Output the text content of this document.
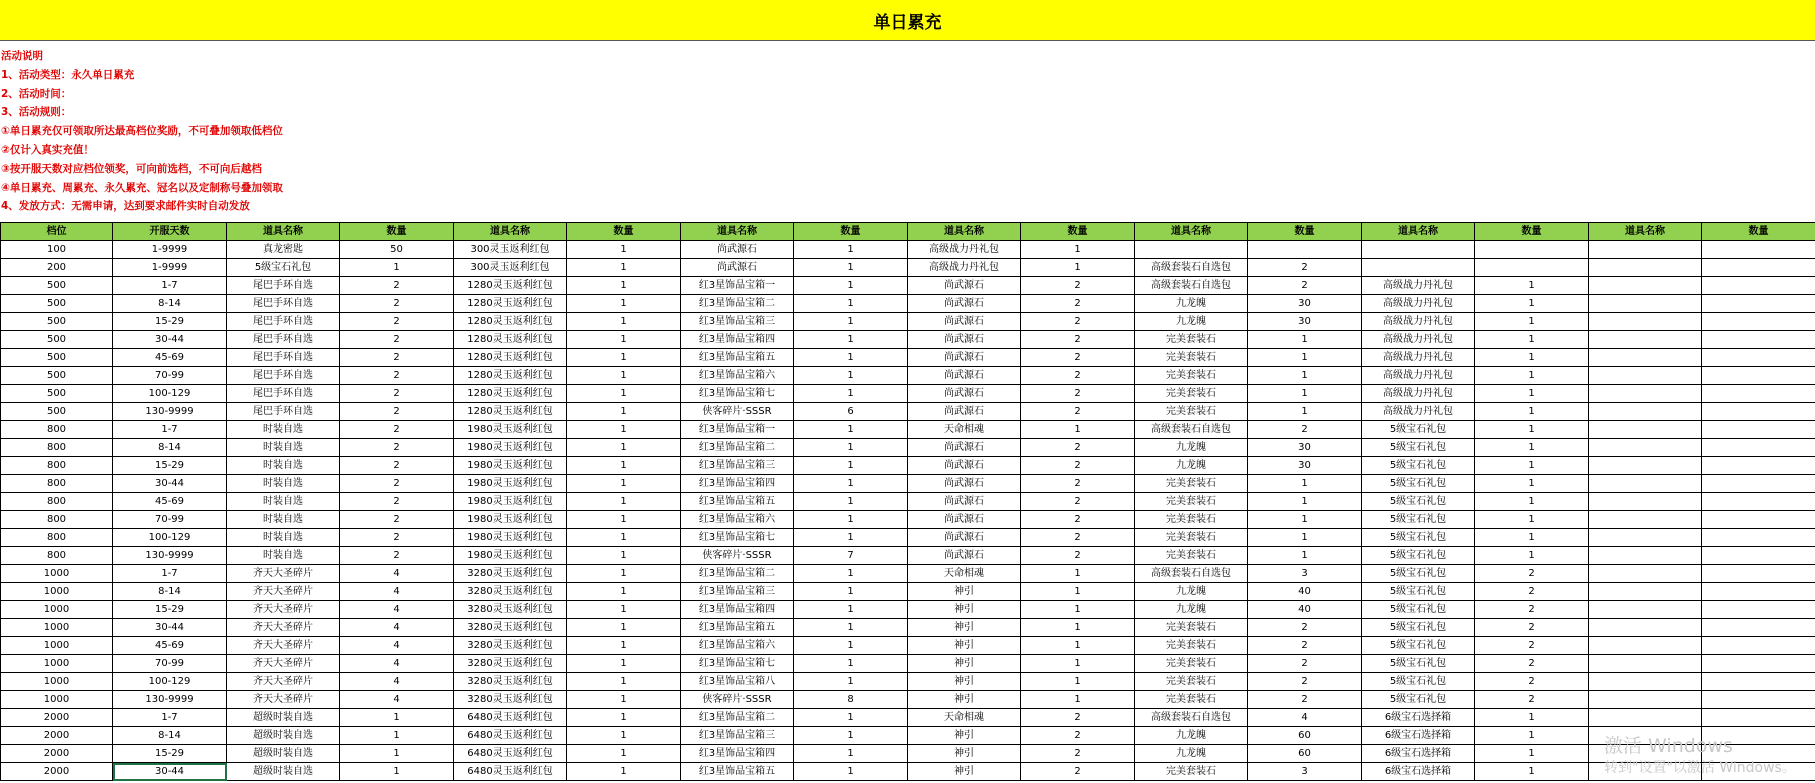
单日累充
活动说明
1、活动类型：永久单日累充
2、活动时间：
3、活动规则：
①单日累充仅可领取所达最高档位奖励，不可叠加领取低档位
②仅计入真实充值！
③按开服天数对应档位领奖，可向前选档，不可向后越档
④单日累充、周累充、永久累充、冠名以及定制称号叠加领取
4、发放方式：无需申请，达到要求邮件实时自动发放
档位	开服天数	道具名称	数量	道具名称	数量	道具名称	数量	道具名称	数量	道具名称	数量	道具名称	数量	道具名称	数量
100	1-9999	真龙密匙	50	300灵玉返利红包	1	尚武源石	1	高级战力丹礼包	1						
200	1-9999	5级宝石礼包	1	300灵玉返利红包	1	尚武源石	1	高级战力丹礼包	1	高级套装石自选包	2				
500	1-7	尾巴手环自选	2	1280灵玉返利红包	1	红3星饰品宝箱一	1	尚武源石	2	高级套装石自选包	2	高级战力丹礼包	1		
500	8-14	尾巴手环自选	2	1280灵玉返利红包	1	红3星饰品宝箱二	1	尚武源石	2	九龙魄	30	高级战力丹礼包	1		
500	15-29	尾巴手环自选	2	1280灵玉返利红包	1	红3星饰品宝箱三	1	尚武源石	2	九龙魄	30	高级战力丹礼包	1		
500	30-44	尾巴手环自选	2	1280灵玉返利红包	1	红3星饰品宝箱四	1	尚武源石	2	完美套装石	1	高级战力丹礼包	1		
500	45-69	尾巴手环自选	2	1280灵玉返利红包	1	红3星饰品宝箱五	1	尚武源石	2	完美套装石	1	高级战力丹礼包	1		
500	70-99	尾巴手环自选	2	1280灵玉返利红包	1	红3星饰品宝箱六	1	尚武源石	2	完美套装石	1	高级战力丹礼包	1		
500	100-129	尾巴手环自选	2	1280灵玉返利红包	1	红3星饰品宝箱七	1	尚武源石	2	完美套装石	1	高级战力丹礼包	1		
500	130-9999	尾巴手环自选	2	1280灵玉返利红包	1	侠客碎片·SSSR	6	尚武源石	2	完美套装石	1	高级战力丹礼包	1		
800	1-7	时装自选	2	1980灵玉返利红包	1	红3星饰品宝箱一	1	天命相魂	1	高级套装石自选包	2	5级宝石礼包	1		
800	8-14	时装自选	2	1980灵玉返利红包	1	红3星饰品宝箱二	1	尚武源石	2	九龙魄	30	5级宝石礼包	1		
800	15-29	时装自选	2	1980灵玉返利红包	1	红3星饰品宝箱三	1	尚武源石	2	九龙魄	30	5级宝石礼包	1		
800	30-44	时装自选	2	1980灵玉返利红包	1	红3星饰品宝箱四	1	尚武源石	2	完美套装石	1	5级宝石礼包	1		
800	45-69	时装自选	2	1980灵玉返利红包	1	红3星饰品宝箱五	1	尚武源石	2	完美套装石	1	5级宝石礼包	1		
800	70-99	时装自选	2	1980灵玉返利红包	1	红3星饰品宝箱六	1	尚武源石	2	完美套装石	1	5级宝石礼包	1		
800	100-129	时装自选	2	1980灵玉返利红包	1	红3星饰品宝箱七	1	尚武源石	2	完美套装石	1	5级宝石礼包	1		
800	130-9999	时装自选	2	1980灵玉返利红包	1	侠客碎片·SSSR	7	尚武源石	2	完美套装石	1	5级宝石礼包	1		
1000	1-7	齐天大圣碎片	4	3280灵玉返利红包	1	红3星饰品宝箱二	1	天命相魂	1	高级套装石自选包	3	5级宝石礼包	2		
1000	8-14	齐天大圣碎片	4	3280灵玉返利红包	1	红3星饰品宝箱三	1	神引	1	九龙魄	40	5级宝石礼包	2		
1000	15-29	齐天大圣碎片	4	3280灵玉返利红包	1	红3星饰品宝箱四	1	神引	1	九龙魄	40	5级宝石礼包	2		
1000	30-44	齐天大圣碎片	4	3280灵玉返利红包	1	红3星饰品宝箱五	1	神引	1	完美套装石	2	5级宝石礼包	2		
1000	45-69	齐天大圣碎片	4	3280灵玉返利红包	1	红3星饰品宝箱六	1	神引	1	完美套装石	2	5级宝石礼包	2		
1000	70-99	齐天大圣碎片	4	3280灵玉返利红包	1	红3星饰品宝箱七	1	神引	1	完美套装石	2	5级宝石礼包	2		
1000	100-129	齐天大圣碎片	4	3280灵玉返利红包	1	红3星饰品宝箱八	1	神引	1	完美套装石	2	5级宝石礼包	2		
1000	130-9999	齐天大圣碎片	4	3280灵玉返利红包	1	侠客碎片·SSSR	8	神引	1	完美套装石	2	5级宝石礼包	2		
2000	1-7	超级时装自选	1	6480灵玉返利红包	1	红3星饰品宝箱二	1	天命相魂	2	高级套装石自选包	4	6级宝石选择箱	1		
2000	8-14	超级时装自选	1	6480灵玉返利红包	1	红3星饰品宝箱三	1	神引	2	九龙魄	60	6级宝石选择箱	1		
2000	15-29	超级时装自选	1	6480灵玉返利红包	1	红3星饰品宝箱四	1	神引	2	九龙魄	60	6级宝石选择箱	1		
2000	30-44	超级时装自选	1	6480灵玉返利红包	1	红3星饰品宝箱五	1	神引	2	完美套装石	3	6级宝石选择箱	1		
激活 Windows
转到"设置"以激活 Windows。
